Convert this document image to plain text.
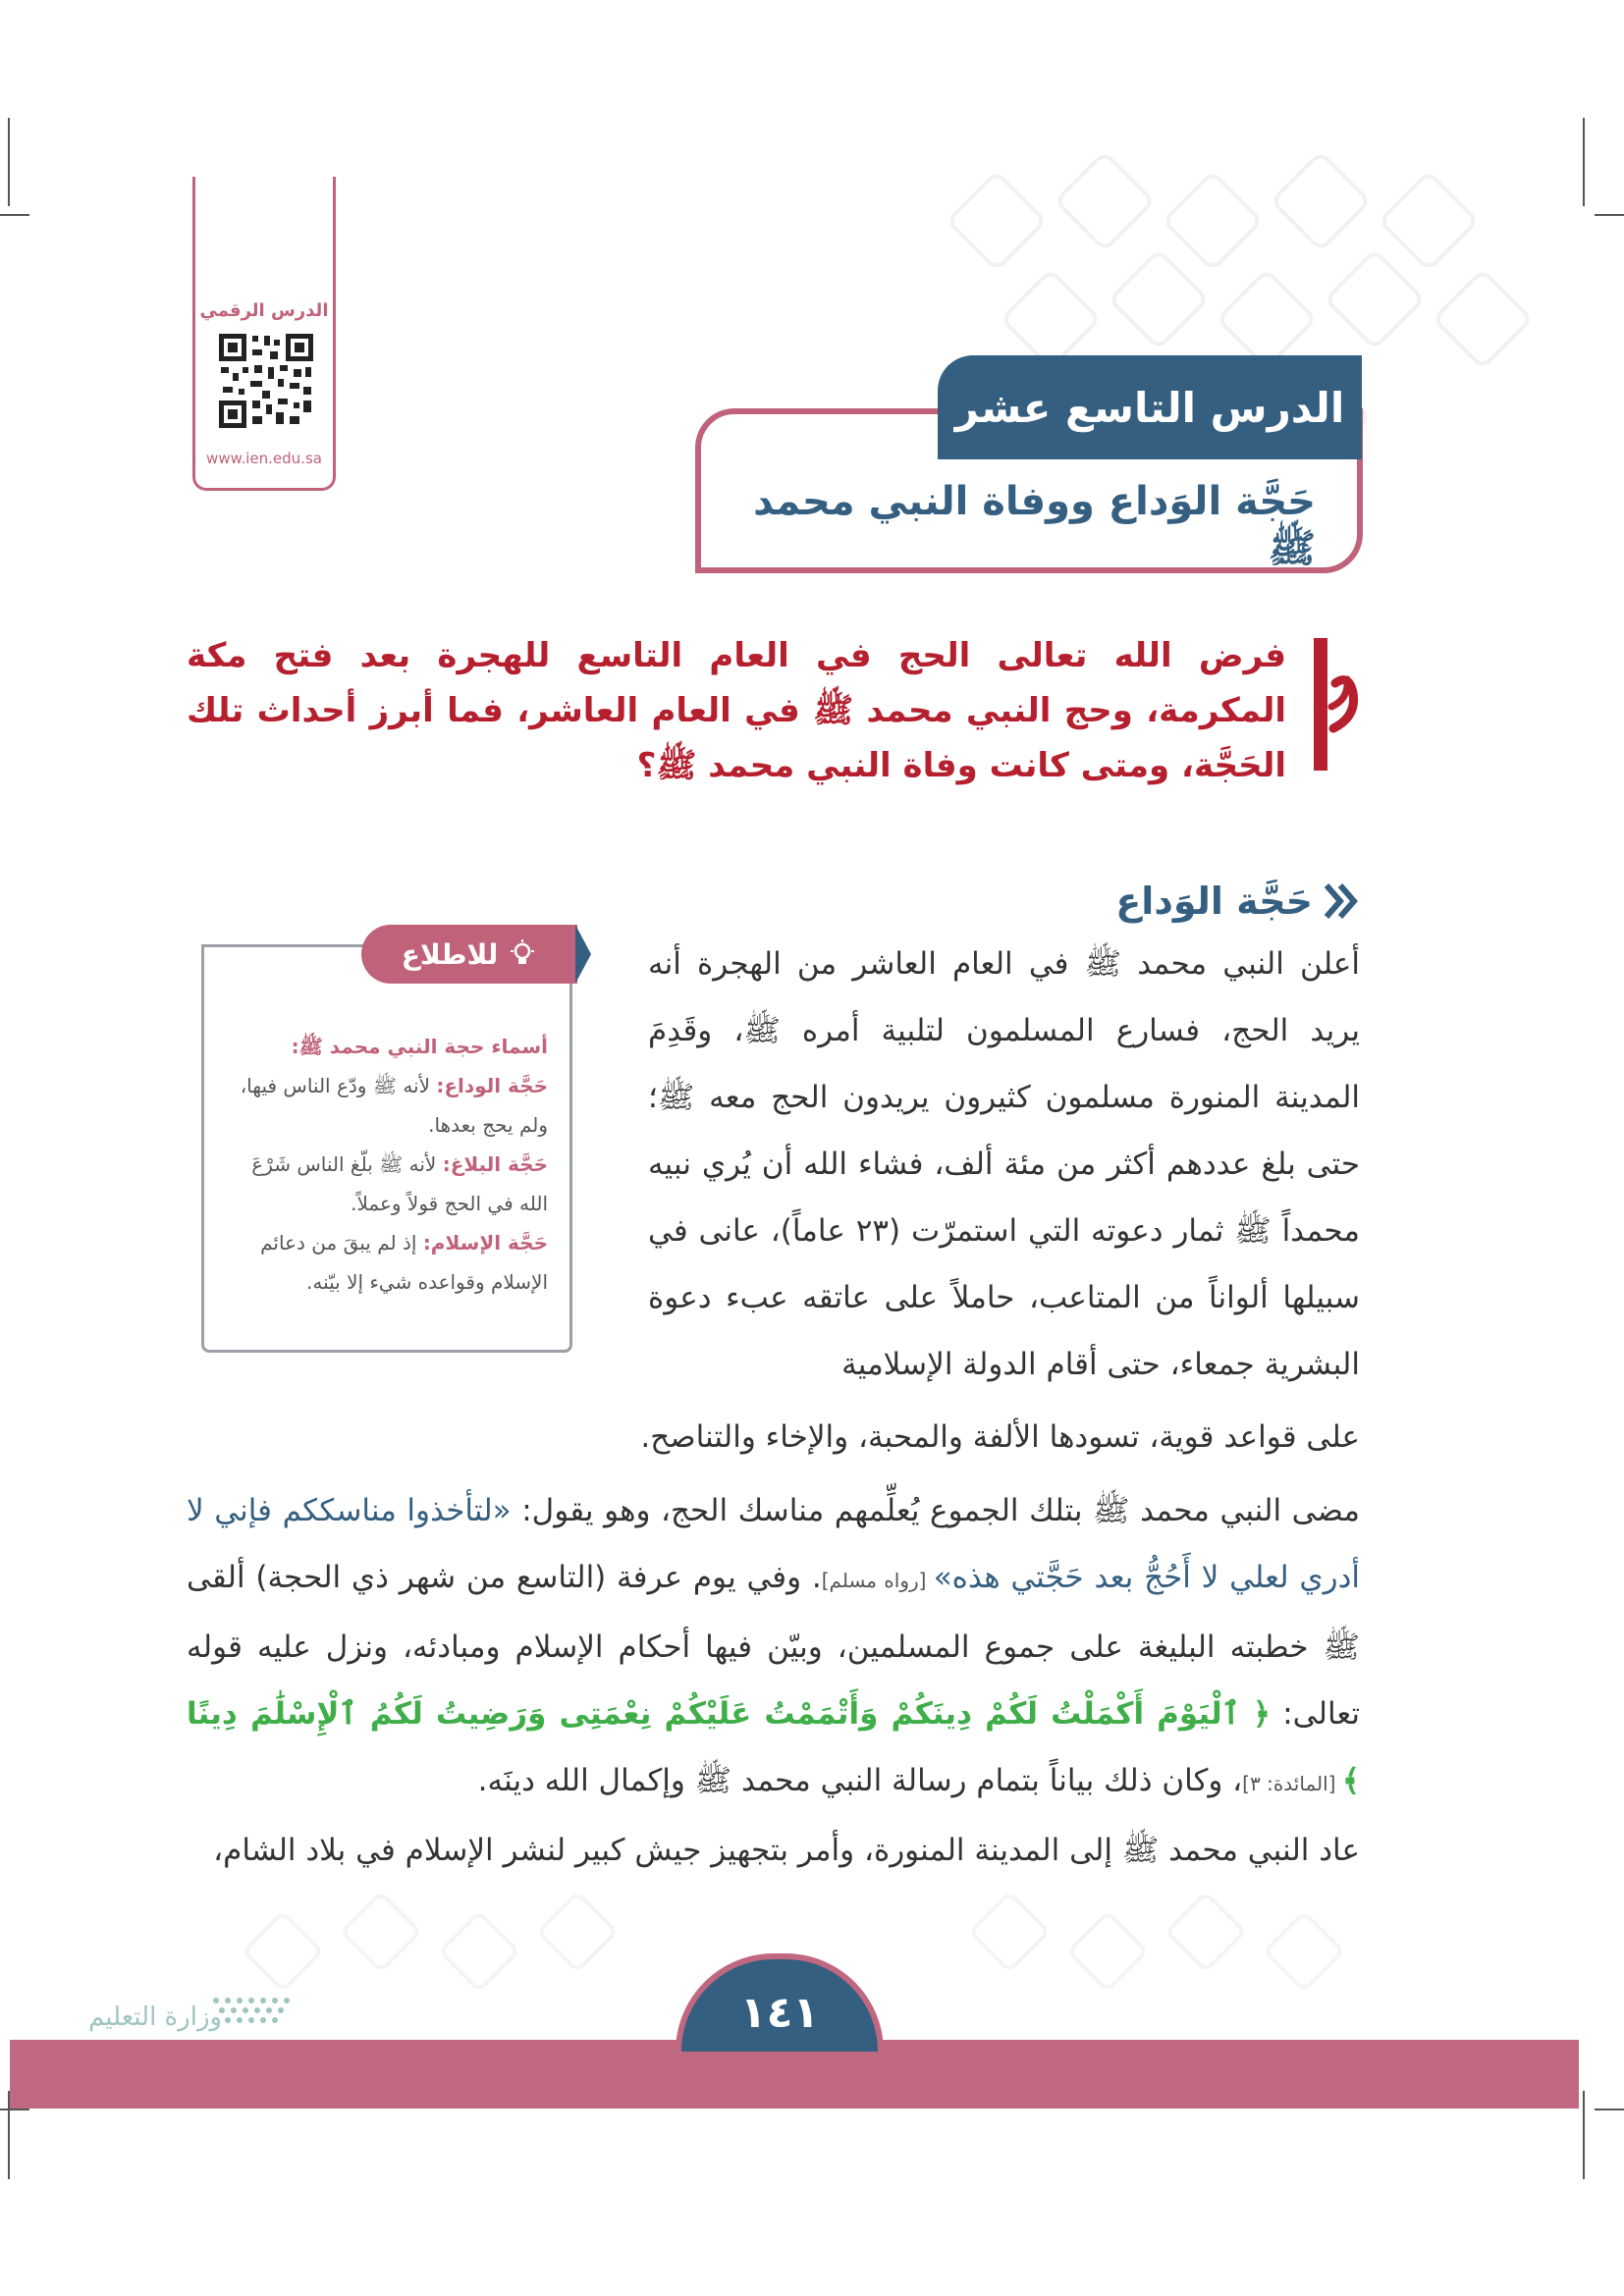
الدرس الرقمي
www.ien.edu.sa
الدرس التاسع عشر
حَجَّة الوَداع ووفاة النبي محمد ﷺ
فرض الله تعالى الحج في العام التاسع للهجرة بعد فتح مكة المكرمة، وحج النبي محمد ﷺ في العام العاشر، فما أبرز أحداث تلك الحَجَّة، ومتى كانت وفاة النبي محمد ﷺ؟
حَجَّة الوَداع
للاطلاع
أسماء حجة النبي محمد ﷺ:
حَجَّة الوداع: لأنه ﷺ ودّع الناس فيها، ولم يحج بعدها.
حَجَّة البلاغ: لأنه ﷺ بلّغ الناس شَرْعَ الله في الحج قولاً وعملاً.
حَجَّة الإسلام: إذ لم يبقَ من دعائم الإسلام وقواعده شيء إلا بيّنه.
أعلن النبي محمد ﷺ في العام العاشر من الهجرة أنه يريد الحج، فسارع المسلمون لتلبية أمره ﷺ، وقَدِمَ المدينة المنورة مسلمون كثيرون يريدون الحج معه ﷺ؛ حتى بلغ عددهم أكثر من مئة ألف، فشاء الله أن يُري نبيه محمداً ﷺ ثمار دعوته التي استمرّت (٢٣ عاماً)، عانى في سبيلها ألواناً من المتاعب، حاملاً على عاتقه عبء دعوة البشرية جمعاء، حتى أقام الدولة الإسلامية
على قواعد قوية، تسودها الألفة والمحبة، والإخاء والتناصح.
مضى النبي محمد ﷺ بتلك الجموع يُعلِّمهم مناسك الحج، وهو يقول: «لتأخذوا مناسككم فإني لا أدري لعلي لا أَحُجُّ بعد حَجَّتي هذه» [رواه مسلم]. وفي يوم عرفة (التاسع من شهر ذي الحجة) ألقى ﷺ خطبته البليغة على جموع المسلمين، وبيّن فيها أحكام الإسلام ومبادئه، ونزل عليه قوله تعالى: ﴿ ٱلْيَوْمَ أَكْمَلْتُ لَكُمْ دِينَكُمْ وَأَتْمَمْتُ عَلَيْكُمْ نِعْمَتِى وَرَضِيتُ لَكُمُ ٱلْإِسْلَٰمَ دِينًا ﴾ [المائدة: ٣]، وكان ذلك بياناً بتمام رسالة النبي محمد ﷺ وإكمال الله دينَه.
عاد النبي محمد ﷺ إلى المدينة المنورة، وأمر بتجهيز جيش كبير لنشر الإسلام في بلاد الشام،
وزارة التعليم	١٤١
